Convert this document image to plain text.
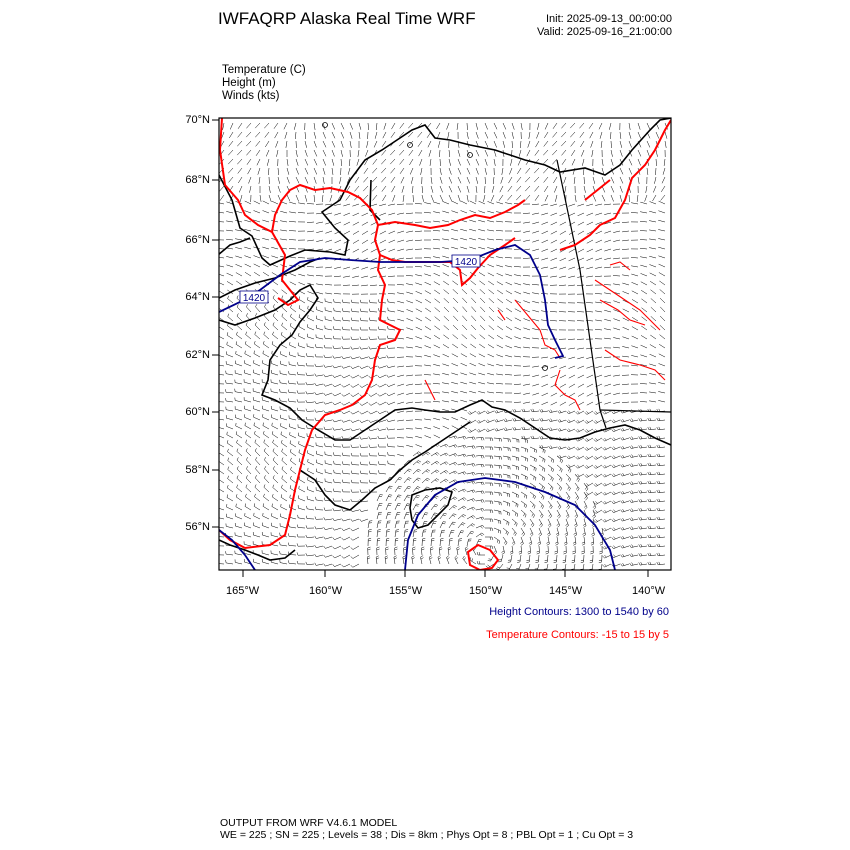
IWFAQRP Alaska Real Time WRF	Init: 2025-09-13_00:00:00
Valid: 2025-09-16_21:00:00
Temperature (C)
Height (m)
Winds (kts)
1420
1420
70°N
68°N
66°N
64°N
62°N
60°N
58°N
56°N
165°W	160°W	155°W	150°W	145°W	140°W
Height Contours: 1300 to 1540 by 60
Temperature Contours: -15 to 15 by 5
OUTPUT FROM WRF V4.6.1 MODEL
WE = 225 ; SN = 225 ; Levels = 38 ; Dis = 8km ; Phys Opt = 8 ; PBL Opt = 1 ; Cu Opt = 3
